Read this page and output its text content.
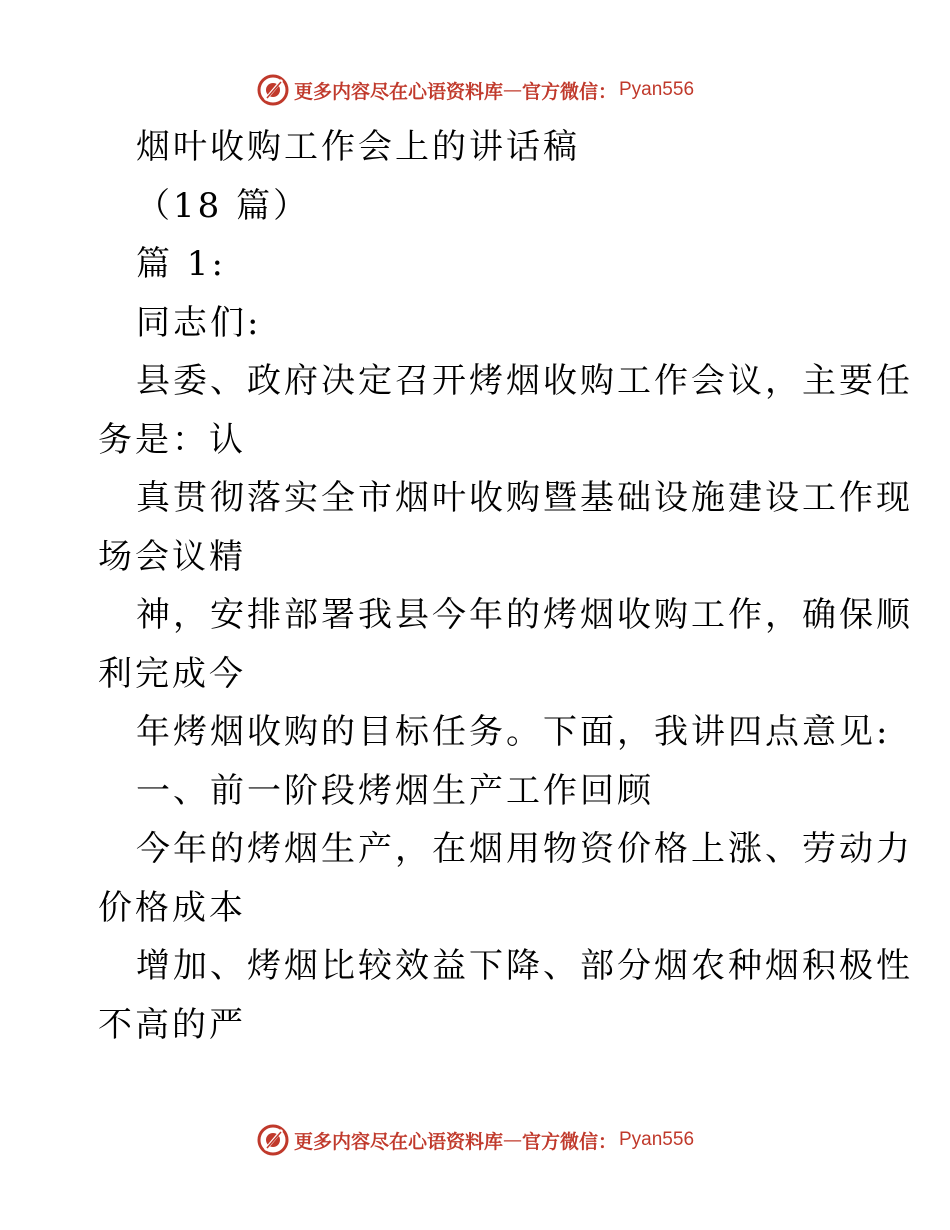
更多内容尽在心语资料库 — 官方微信： Pyan556
烟叶收购工作会上的讲话稿
（18 篇）
篇 1:
同志们:
县委、政府决定召开烤烟收购工作会议，主要任
务是：认
真贯彻落实全市烟叶收购暨基础设施建设工作现
场会议精
神，安排部署我县今年的烤烟收购工作，确保顺
利完成今
年烤烟收购的目标任务。下面，我讲四点意见:
一、前一阶段烤烟生产工作回顾
今年的烤烟生产，在烟用物资价格上涨、劳动力
价格成本
增加、烤烟比较效益下降、部分烟农种烟积极性
不高的严
更多内容尽在心语资料库 — 官方微信： Pyan556
